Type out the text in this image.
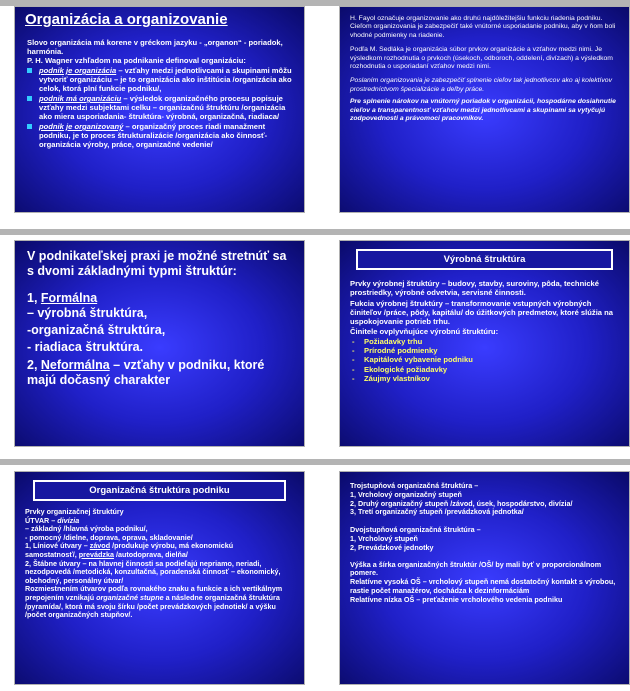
Organizácia a organizovanie

Slovo organizácia má korene v gréckom jazyku - „organon“ - poriadok, harmónia.

P. H. Wagner vzhľadom na podnikanie definoval organizáciu:

podnik je organizácia – vzťahy medzi jednotlivcami a skupinami môžu vytvoriť organizáciu – je to organizácia ako inštitúcia /organizácia ako celok, ktorá plní funkcie podniku/,
podnik má organizáciu – výsledok organizačného procesu popisuje vzťahy medzi subjektami celku – organizačnú štruktúru /organizácia ako miera usporiadania- štruktúra- výrobná, organizačná, riadiaca/
podnik je organizovaný – organizačný proces riadi manažment podniku, je to proces štrukturalizácie /organizácia ako činnosť- organizácia výroby, práce, organizačné vedenie/

H. Fayol označuje organizovanie ako druhú najdôležitejšiu funkciu riadenia podniku. Cieľom organizovania je zabezpečiť také vnútorné usporiadanie podniku, aby v ňom boli vhodné podmienky na riadenie.

Podľa M. Sedláka je organizácia súbor prvkov organizácie a vzťahov medzi nimi. Je výsledkom rozhodnutia o prvkoch (úsekoch, odboroch, oddelení, divízach) a výsledkom rozhodnutia o usporiadaní vzťahov medzi nimi.

Poslaním organizovania je zabezpečiť splnenie cieľov tak jednotlivcov ako aj kolektívov prostredníctvom špecializácie a deľby práce.

Pre splnenie nárokov na vnútorný poriadok v organizácii, hospodárne dosiahnutie cieľov a transparentnosť vzťahov medzi jednotlivcami a skupinami sa vytyčujú zodpovednosti a právomoci pracovníkov.

V podnikateľskej praxi je možné stretnúť sa s dvomi základnými typmi štruktúr:

1, Formálna

– výrobná štruktúra,

-organizačná štruktúra,

- riadiaca štruktúra.

2, Neformálna – vzťahy v podniku, ktoré majú dočasný charakter

Výrobná štruktúra

Prvky výrobnej štruktúry – budovy, stavby, suroviny, pôda, technické prostriedky, výrobné odvetvia, servisné činnosti.

Fukcia výrobnej štruktúry – transformovanie vstupných výrobných činiteľov /práce, pôdy, kapitálu/ do úžitkových predmetov, ktoré slúžia na uspokojovanie potrieb trhu.

Činitele ovplyvňujúce výrobnú štruktúru:

- Požiadavky trhu
- Prírodné podmienky
- Kapitálové vybavenie podniku
- Ekologické požiadavky
- Záujmy vlastníkov
Organizačná štruktúra podniku

Prvky organizačnej štruktúry

ÚTVAR – divízia

– základný /hlavná výroba podniku/,

- pomocný /dielne, doprava, oprava, skladovanie/

1, Líniové útvary – závod /produkuje výrobu, má ekonomickú

samostatnosť/, prevádzka /autodoprava, dielňa/

2, Štábne útvary – na hlavnej činnosti sa podieľajú nepriamo, neriadi, nezodpovedá /metodická, konzultačná, poradenská činnosť – ekonomický, obchodný, personálny útvar/

Rozmiestnením útvarov podľa rovnakého znaku a funkcie a ich vertikálnym prepojením vznikajú organizačné stupne a následne organizačná štruktúra /pyramída/, ktorá má svoju šírku /počet prevádzkových jednotiek/ a výšku /počet organizačných stupňov/.

Trojstupňová organizačná štruktúra –

1, Vrcholový organizačný stupeň

2, Druhý organizačný stupeň /závod, úsek, hospodárstvo, divízia/

3, Tretí organizačný stupeň /prevádzková jednotka/

Dvojstupňová organizačná štruktúra –

1, Vrcholový stupeň

2, Prevádzkové jednotky

Výška a šírka organizačných štruktúr /OŠ/ by mali byť v proporcionálnom pomere.

Relatívne vysoká OŠ – vrcholový stupeň nemá dostatočný kontakt s výrobou, rastie počet manažérov, dochádza k dezinformáciám

Relatívne nízka OŠ – preťaženie vrcholového vedenia podniku
